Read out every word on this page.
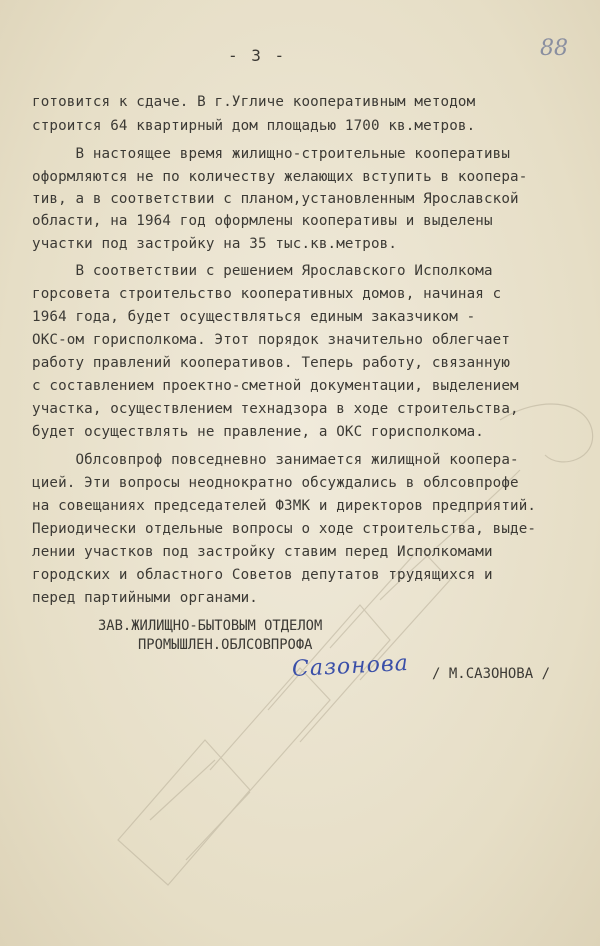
- 3 -	88
готовится к сдаче. В г.Угличе кооперативным методом
строится 64 квартирный дом площадью 1700 кв.метров.
В настоящее время жилищно-строительные кооперативы
оформляются не по количеству желающих вступить в коопера-
тив, а в соответствии с планом,установленным Ярославской
области, на 1964 год оформлены кооперативы и выделены
участки под застройку на 35 тыс.кв.метров.
В соответствии с решением Ярославского Исполкома
горсовета строительство кооперативных домов, начиная с
1964 года, будет осуществляться единым заказчиком -
ОКС-ом горисполкома. Этот порядок значительно облегчает
работу правлений кооперативов. Теперь работу, связанную
с составлением проектно-сметной документации, выделением
участка, осуществлением технадзора в ходе строительства,
будет осуществлять не правление, а ОКС горисполкома.
Облсовпроф повседневно занимается жилищной коопера-
цией. Эти вопросы неоднократно обсуждались в облсовпрофе
на совещаниях председателей ФЗМК и директоров предприятий.
Периодически отдельные вопросы о ходе строительства, выде-
лении участков под застройку ставим перед Исполкомами
городских и областного Советов депутатов трудящихся и
перед партийными органами.
ЗАВ.ЖИЛИЩНО-БЫТОВЫМ ОТДЕЛОМ
ПРОМЫШЛЕН.ОБЛСОВПРОФА
Сазонова / М.САЗОНОВА /
